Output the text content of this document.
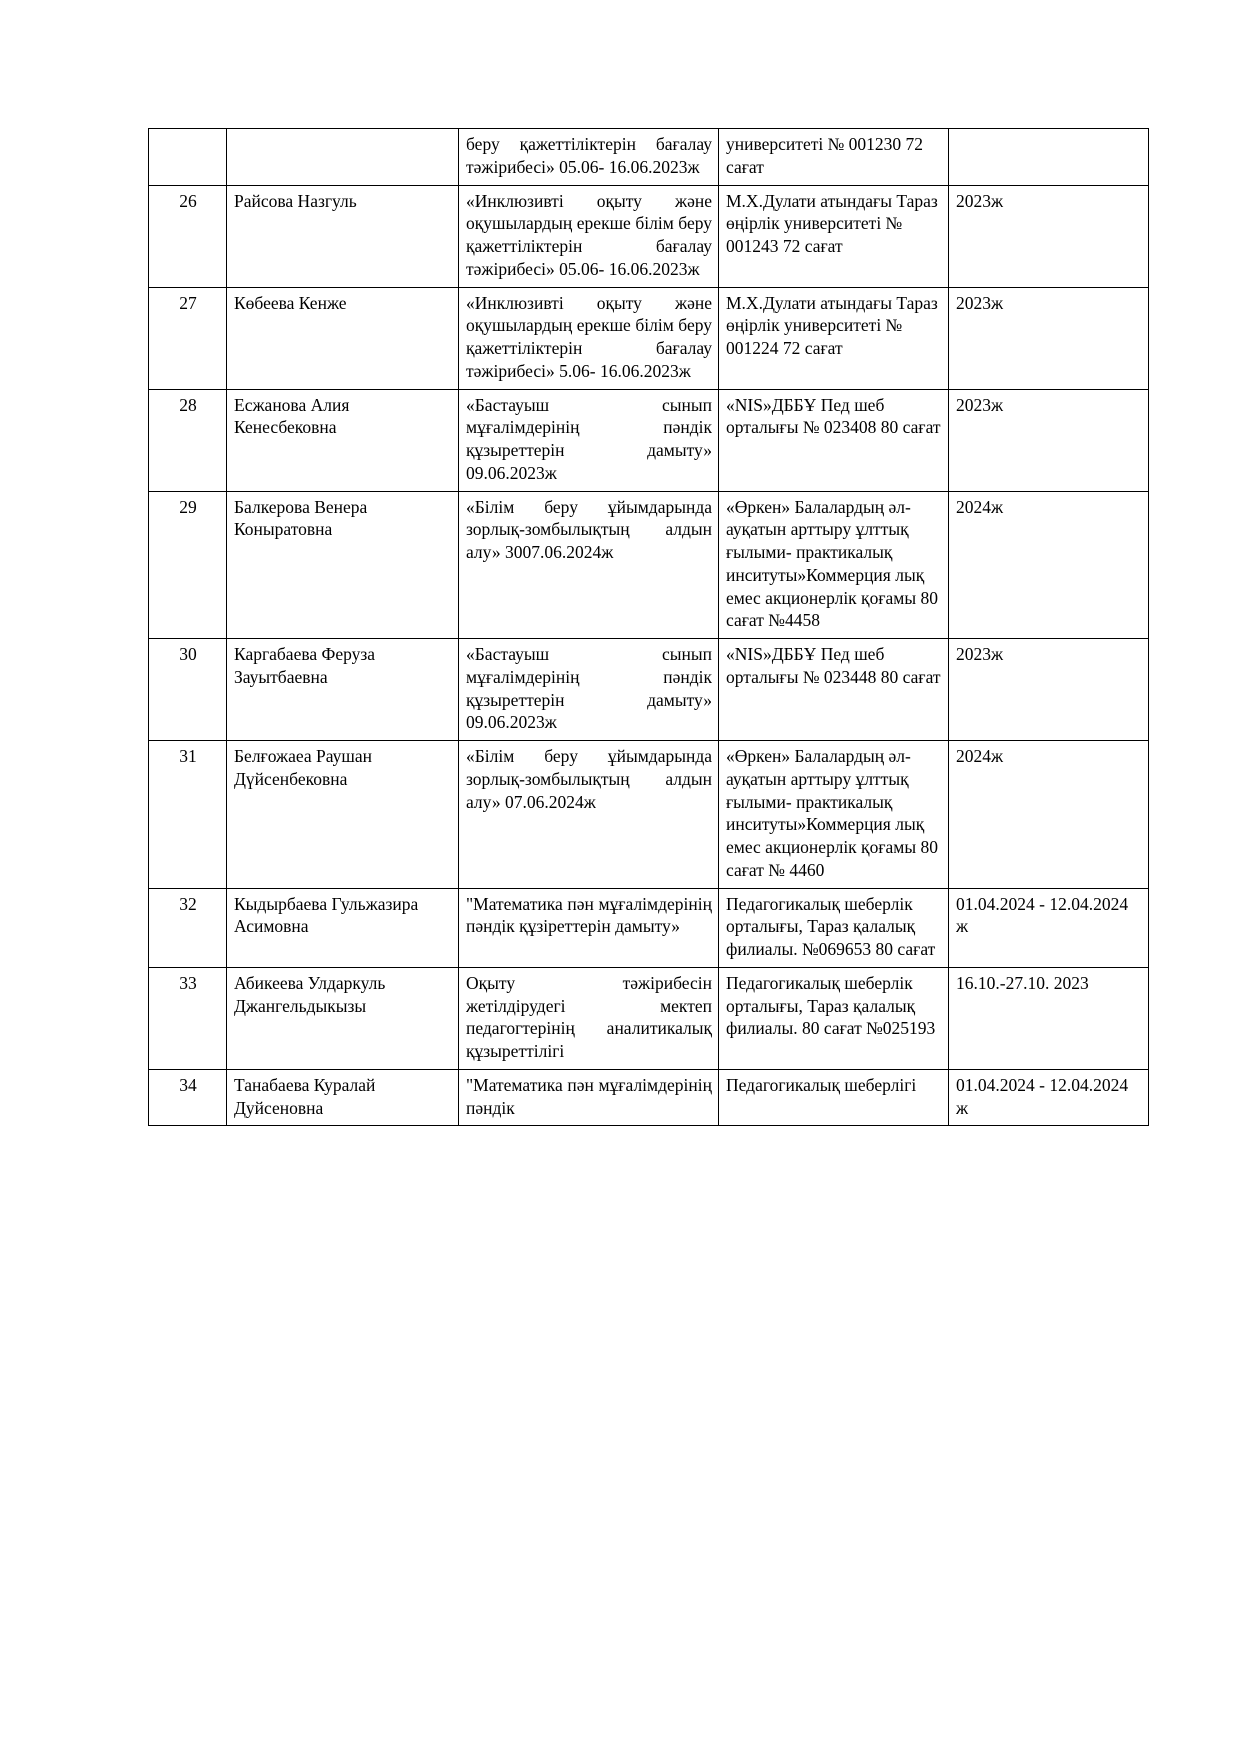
		беру қажеттіліктерін бағалау тәжірибесі» 05.06- 16.06.2023ж	университеті № 001230 72 сағат	
26	Райсова Назгуль	«Инклюзивті оқыту және оқушылардың ерекше білім беру қажеттіліктерін бағалау тәжірибесі» 05.06- 16.06.2023ж	М.Х.Дулати атындағы Тараз өңірлік университеті № 001243 72 сағат	2023ж
27	Көбеева Кенже	«Инклюзивті оқыту және оқушылардың ерекше білім беру қажеттіліктерін бағалау тәжірибесі» 5.06- 16.06.2023ж	М.Х.Дулати атындағы Тараз өңірлік университеті № 001224 72 сағат	2023ж
28	Есжанова Алия Кенесбековна	«Бастауыш сынып мұғалімдерінің пәндік құзыреттерін дамыту» 09.06.2023ж	«NIS»ДББҰ Пед шеб орталығы № 023408 80 сағат	2023ж
29	Балкерова Венера Коныратовна	«Білім беру ұйымдарында зорлық-зомбылықтың алдын алу» 3007.06.2024ж	«Өркен» Балалардың әл-ауқатын арттыру ұлттық ғылыми- практикалық инситуты»Коммерция лық емес акционерлік қоғамы 80 сағат №4458	2024ж
30	Каргабаева Феруза Зауытбаевна	«Бастауыш сынып мұғалімдерінің пәндік құзыреттерін дамыту» 09.06.2023ж	«NIS»ДББҰ Пед шеб орталығы № 023448 80 сағат	2023ж
31	Белғожаеа Раушан Дүйсенбековна	«Білім беру ұйымдарында зорлық-зомбылықтың алдын алу» 07.06.2024ж	«Өркен» Балалардың әл-ауқатын арттыру ұлттық ғылыми- практикалық инситуты»Коммерция лық емес акционерлік қоғамы 80 сағат № 4460	2024ж
32	Кыдырбаева Гульжазира Асимовна	"Математика пән мұғалімдерінің пәндік құзіреттерін дамыту»	Педагогикалық шеберлік орталығы, Тараз қалалық филиалы. №069653 80 сағат	01.04.2024 - 12.04.2024 ж
33	Абикеева Улдаркуль Джангельдыкызы	Оқыту тәжірибесін жетілдірудегі мектеп педагогтерінің аналитикалық құзыреттілігі	Педагогикалық шеберлік орталығы, Тараз қалалық филиалы. 80 сағат №025193	16.10.-27.10. 2023
34	Танабаева Куралай Дуйсеновна	"Математика пән мұғалімдерінің пәндік	Педагогикалық шеберлігі	01.04.2024 - 12.04.2024 ж
